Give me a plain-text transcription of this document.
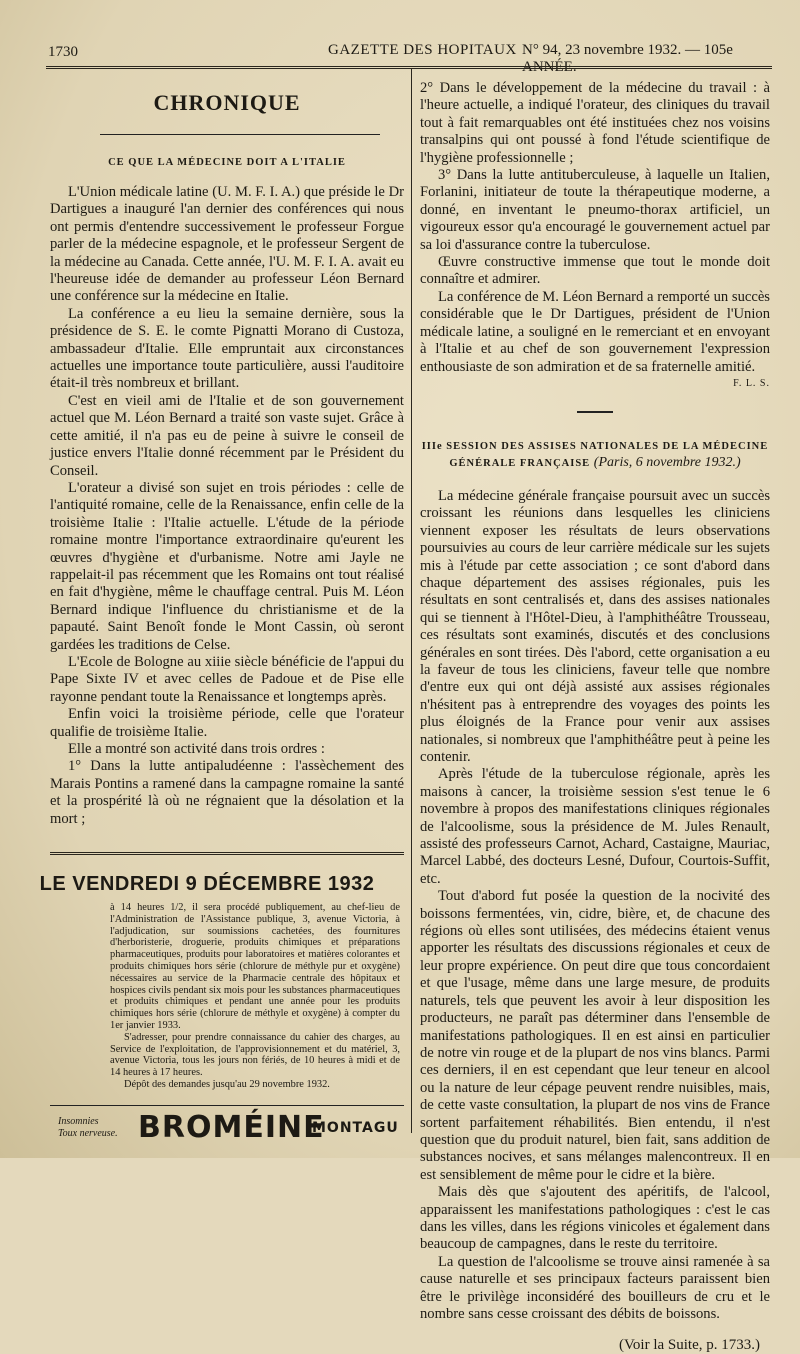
1730	GAZETTE DES HOPITAUX N° 94, 23 novembre 1932. — 105e ANNÉE.
CHRONIQUE
CE QUE LA MÉDECINE DOIT A L'ITALIE

L'Union médicale latine (U. M. F. I. A.) que préside le Dr Dartigues a inauguré l'an dernier des conférences qui nous ont permis d'entendre successivement le professeur Forgue parler de la médecine espagnole, et le professeur Sergent de la médecine au Canada. Cette année, l'U. M. F. I. A. avait eu l'heureuse idée de demander au professeur Léon Bernard une conférence sur la médecine en Italie.

La conférence a eu lieu la semaine dernière, sous la présidence de S. E. le comte Pignatti Morano di Custoza, ambassadeur d'Italie. Elle empruntait aux circonstances actuelles une importance toute particulière, aussi l'auditoire était-il très nombreux et brillant.

C'est en vieil ami de l'Italie et de son gouvernement actuel que M. Léon Bernard a traité son vaste sujet. Grâce à cette amitié, il n'a pas eu de peine à suivre le conseil de justice envers l'Italie donné récemment par le Président du Conseil.

L'orateur a divisé son sujet en trois périodes : celle de l'antiquité romaine, celle de la Renaissance, enfin celle de la troisième Italie : l'Italie actuelle. L'étude de la période romaine montre l'importance extraordinaire qu'eurent les œuvres d'hygiène et d'urbanisme. Notre ami Jayle ne rappelait-il pas récemment que les Romains ont tout réalisé en fait d'hygiène, même le chauffage central. Puis M. Léon Bernard indique l'influence du christianisme et de la papauté. Saint Benoît fonde le Mont Cassin, où seront gardées les traditions de Celse.

L'Ecole de Bologne au xiiie siècle bénéficie de l'appui du Pape Sixte IV et avec celles de Padoue et de Pise elle rayonne pendant toute la Renaissance et longtemps après.

Enfin voici la troisième période, celle que l'orateur qualifie de troisième Italie.

Elle a montré son activité dans trois ordres :

1° Dans la lutte antipaludéenne : l'assèchement des Marais Pontins a ramené dans la campagne romaine la santé et la prospérité là où ne régnaient que la désolation et la mort ;

LE VENDREDI 9 DÉCEMBRE 1932

à 14 heures 1/2, il sera procédé publiquement, au chef-lieu de l'Administration de l'Assistance publique, 3, avenue Victoria, à l'adjudication, sur soumissions cachetées, des fournitures d'herboristerie, droguerie, produits chimiques et préparations pharmaceutiques, produits pour laboratoires et matières colorantes et produits chimiques hors série (chlorure de méthyle pur et oxygène) nécessaires au service de la Pharmacie centrale des hôpitaux et hospices civils pendant six mois pour les substances pharmaceutiques et produits chimiques et pendant une année pour les produits chimiques hors série (chlorure de méthyle et oxygène) à compter du 1er janvier 1933.

S'adresser, pour prendre connaissance du cahier des charges, au Service de l'exploitation, de l'approvisionnement et du matériel, 3, avenue Victoria, tous les jours non fériés, de 10 heures à midi et de 14 heures à 17 heures.

Dépôt des demandes jusqu'au 29 novembre 1932.

Insomnies
Toux nerveuse. BROMÉINE
MONTAGU

2° Dans le développement de la médecine du travail : à l'heure actuelle, a indiqué l'orateur, des cliniques du travail tout à fait remarquables ont été instituées chez nos voisins transalpins qui ont poussé à fond l'étude scientifique de l'hygiène professionnelle ;

3° Dans la lutte antituberculeuse, à laquelle un Italien, Forlanini, initiateur de toute la thérapeutique moderne, a donné, en inventant le pneumo-thorax artificiel, un vigoureux essor qu'a encouragé le gouvernement actuel par sa loi d'assurance contre la tuberculose.

Œuvre constructive immense que tout le monde doit connaître et admirer.

La conférence de M. Léon Bernard a remporté un succès considérable que le Dr Dartigues, président de l'Union médicale latine, a souligné en le remerciant et en envoyant à l'Italie et au chef de son gouvernement l'expression enthousiaste de son admiration et de sa fraternelle amitié.

F. L. S.
IIIe SESSION DES ASSISES NATIONALES DE LA MÉDECINE GÉNÉRALE FRANÇAISE (Paris, 6 novembre 1932.)

La médecine générale française poursuit avec un succès croissant les réunions dans lesquelles les cliniciens viennent exposer les résultats de leurs observations poursuivies au cours de leur carrière médicale sur les sujets mis à l'étude par cette association ; ce sont d'abord dans chaque département des assises régionales, puis les résultats en sont centralisés et, dans des assises nationales qui se tiennent à l'Hôtel-Dieu, à l'amphithéâtre Trousseau, ces résultats sont examinés, discutés et des conclusions générales en sont tirées. Dès l'abord, cette organisation a eu la faveur de tous les cliniciens, faveur telle que nombre d'entre eux qui ont déjà assisté aux assises régionales n'hésitent pas à entreprendre des voyages des points les plus éloignés de la France pour venir aux assises nationales, si nombreux que l'amphithéâtre peut à peine les contenir.

Après l'étude de la tuberculose régionale, après les maisons à cancer, la troisième session s'est tenue le 6 novembre à propos des manifestations cliniques régionales de l'alcoolisme, sous la présidence de M. Jules Renault, assisté des professeurs Carnot, Achard, Castaigne, Mauriac, Marcel Labbé, des docteurs Lesné, Dufour, Courtois-Suffit, etc.

Tout d'abord fut posée la question de la nocivité des boissons fermentées, vin, cidre, bière, et, de chacune des régions où elles sont utilisées, des médecins étaient venus apporter les résultats des discussions régionales et ceux de leur propre expérience. On peut dire que tous concordaient et que l'usage, même dans une large mesure, de produits naturels, tels que peuvent les avoir à leur disposition les producteurs, ne paraît pas déterminer dans l'ensemble de manifestations pathologiques. Il en est ainsi en particulier de notre vin rouge et de la plupart de nos vins blancs. Parmi ces derniers, il en est cependant que leur teneur en alcool ou la nature de leur cépage peuvent rendre nuisibles, mais, de cette vaste consultation, la plupart de nos vins de France sortent parfaitement réhabilités. Bien entendu, il n'est question que du produit naturel, bien fait, sans addition de substances nocives, et sans mélanges malencontreux. Il en est sensiblement de même pour le cidre et la bière.

Mais dès que s'ajoutent des apéritifs, de l'alcool, apparaissent les manifestations pathologiques : c'est le cas dans les villes, dans les régions vinicoles et également dans beaucoup de campagnes, dans le reste du territoire.

La question de l'alcoolisme se trouve ainsi ramenée à sa cause naturelle et ses principaux facteurs paraissent bien être le privilège inconsidéré des bouilleurs de cru et le nombre sans cesse croissant des débits de boissons.

(Voir la Suite, p. 1733.)
